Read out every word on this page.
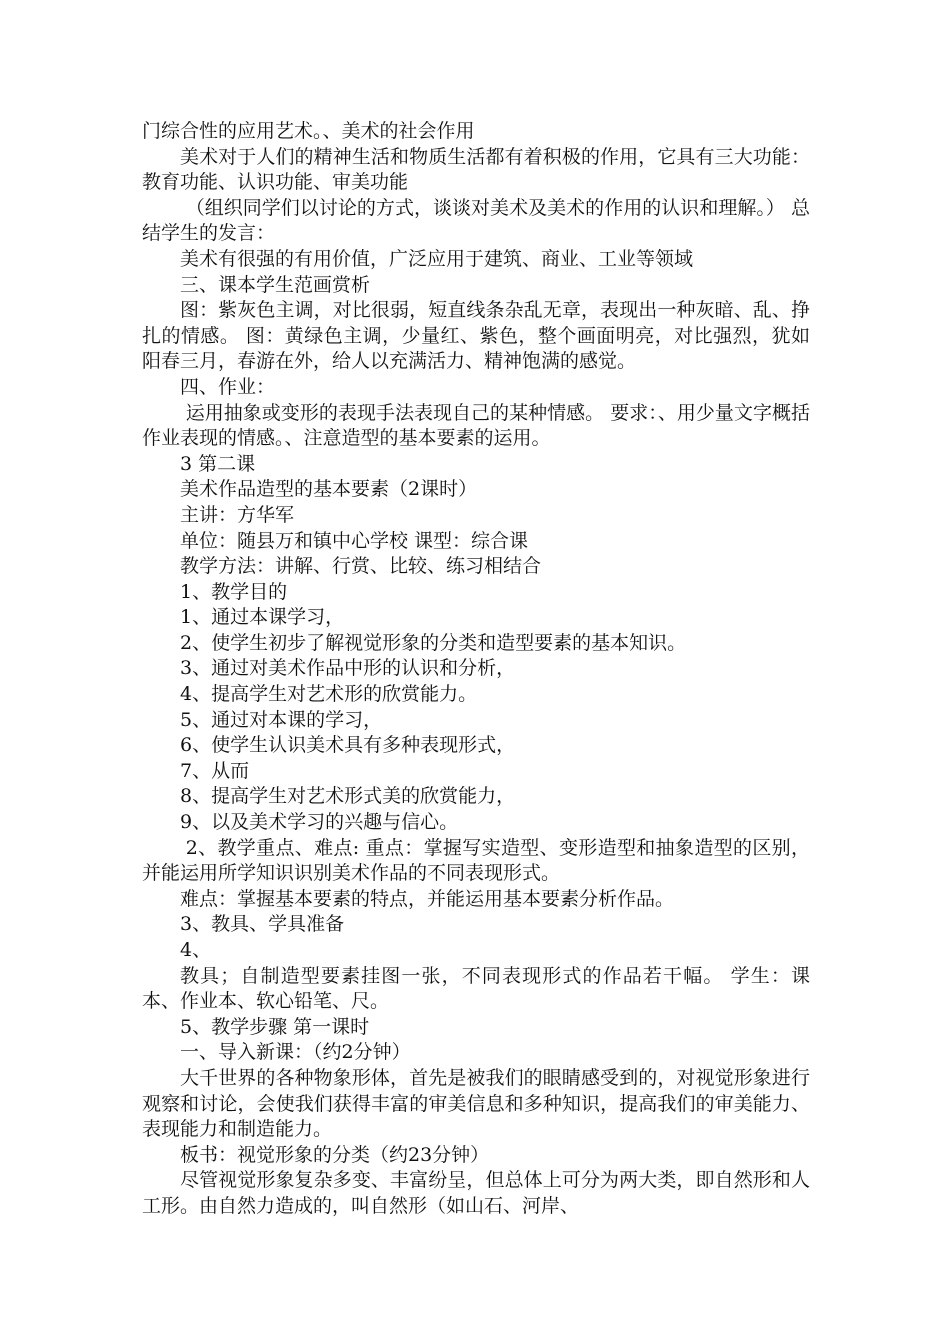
门综合性的应用艺术。、美术的社会作用

美术对于人们的精神生活和物质生活都有着积极的作用，它具有三大功能：教育功能、认识功能、审美功能

（组织同学们以讨论的方式，谈谈对美术及美术的作用的认识和理解。） 总结学生的发言：

美术有很强的有用价值，广泛应用于建筑、商业、工业等领域

三、课本学生范画赏析

图：紫灰色主调，对比很弱，短直线条杂乱无章，表现出一种灰暗、乱、挣扎的情感。 图：黄绿色主调，少量红、紫色，整个画面明亮，对比强烈，犹如阳春三月，春游在外，给人以充满活力、精神饱满的感觉。

四、作业：

运用抽象或变形的表现手法表现自己的某种情感。 要求：、用少量文字概括作业表现的情感。、注意造型的基本要素的运用。

3 第二课

美术作品造型的基本要素（2课时）

主讲：方华军

单位：随县万和镇中心学校 课型：综合课

教学方法：讲解、行赏、比较、练习相结合

1、教学目的

1、通过本课学习，

2、使学生初步了解视觉形象的分类和造型要素的基本知识。

3、通过对美术作品中形的认识和分析，

4、提高学生对艺术形的欣赏能力。

5、通过对本课的学习，

6、使学生认识美术具有多种表现形式，

7、从而

8、提高学生对艺术形式美的欣赏能力，

9、以及美术学习的兴趣与信心。

2、教学重点、难点: 重点：掌握写实造型、变形造型和抽象造型的区别，并能运用所学知识识别美术作品的不同表现形式。

难点：掌握基本要素的特点，并能运用基本要素分析作品。

3、教具、学具准备

4、

教具；自制造型要素挂图一张，不同表现形式的作品若干幅。 学生：课本、作业本、软心铅笔、尺。

5、教学步骤 第一课时

一、导入新课：（约2分钟）

大千世界的各种物象形体，首先是被我们的眼睛感受到的，对视觉形象进行观察和讨论，会使我们获得丰富的审美信息和多种知识，提高我们的审美能力、表现能力和制造能力。

板书：视觉形象的分类（约23分钟）

尽管视觉形象复杂多变、丰富纷呈，但总体上可分为两大类，即自然形和人工形。由自然力造成的，叫自然形（如山石、河岸、
